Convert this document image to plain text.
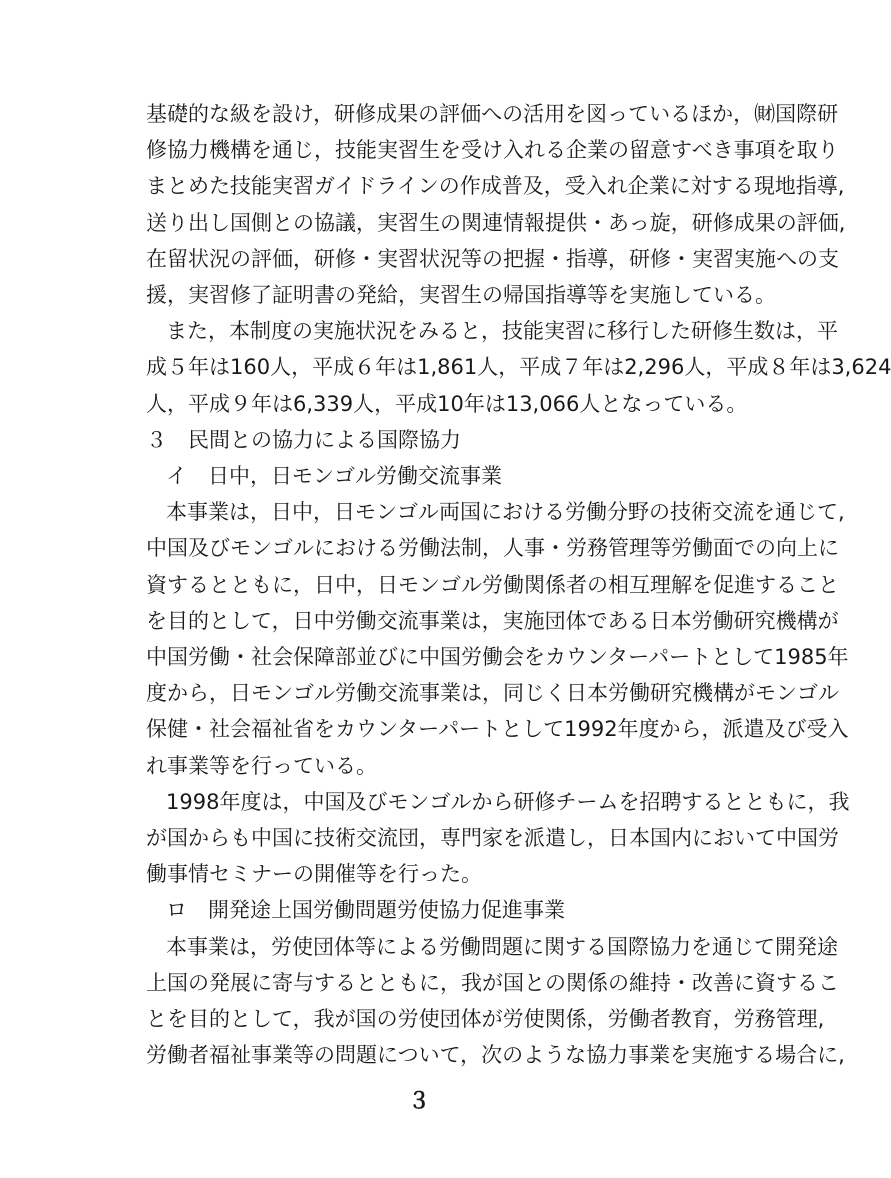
基礎的な級を設け，研修成果の評価への活用を図っているほか，㈶国際研
修協力機構を通じ，技能実習生を受け入れる企業の留意すべき事項を取り
まとめた技能実習ガイドラインの作成普及，受入れ企業に対する現地指導,
送り出し国側との協議，実習生の関連情報提供・あっ旋，研修成果の評価,
在留状況の評価，研修・実習状況等の把握・指導，研修・実習実施への支
援，実習修了証明書の発給，実習生の帰国指導等を実施している。
また，本制度の実施状況をみると，技能実習に移行した研修生数は，平
成５年は160人，平成６年は1,861人，平成７年は2,296人，平成８年は3,624
人，平成９年は6,339人，平成10年は13,066人となっている。
３　民間との協力による国際協力
イ　日中，日モンゴル労働交流事業
本事業は，日中，日モンゴル両国における労働分野の技術交流を通じて,
中国及びモンゴルにおける労働法制，人事・労務管理等労働面での向上に
資するとともに，日中，日モンゴル労働関係者の相互理解を促進すること
を目的として，日中労働交流事業は，実施団体である日本労働研究機構が
中国労働・社会保障部並びに中国労働会をカウンターパートとして1985年
度から，日モンゴル労働交流事業は，同じく日本労働研究機構がモンゴル
保健・社会福祉省をカウンターパートとして1992年度から，派遣及び受入
れ事業等を行っている。
1998年度は，中国及びモンゴルから研修チームを招聘するとともに，我
が国からも中国に技術交流団，専門家を派遣し，日本国内において中国労
働事情セミナーの開催等を行った。
ロ　開発途上国労働問題労使協力促進事業
本事業は，労使団体等による労働問題に関する国際協力を通じて開発途
上国の発展に寄与するとともに，我が国との関係の維持・改善に資するこ
とを目的として，我が国の労使団体が労使関係，労働者教育，労務管理,
労働者福祉事業等の問題について，次のような協力事業を実施する場合に,
３
